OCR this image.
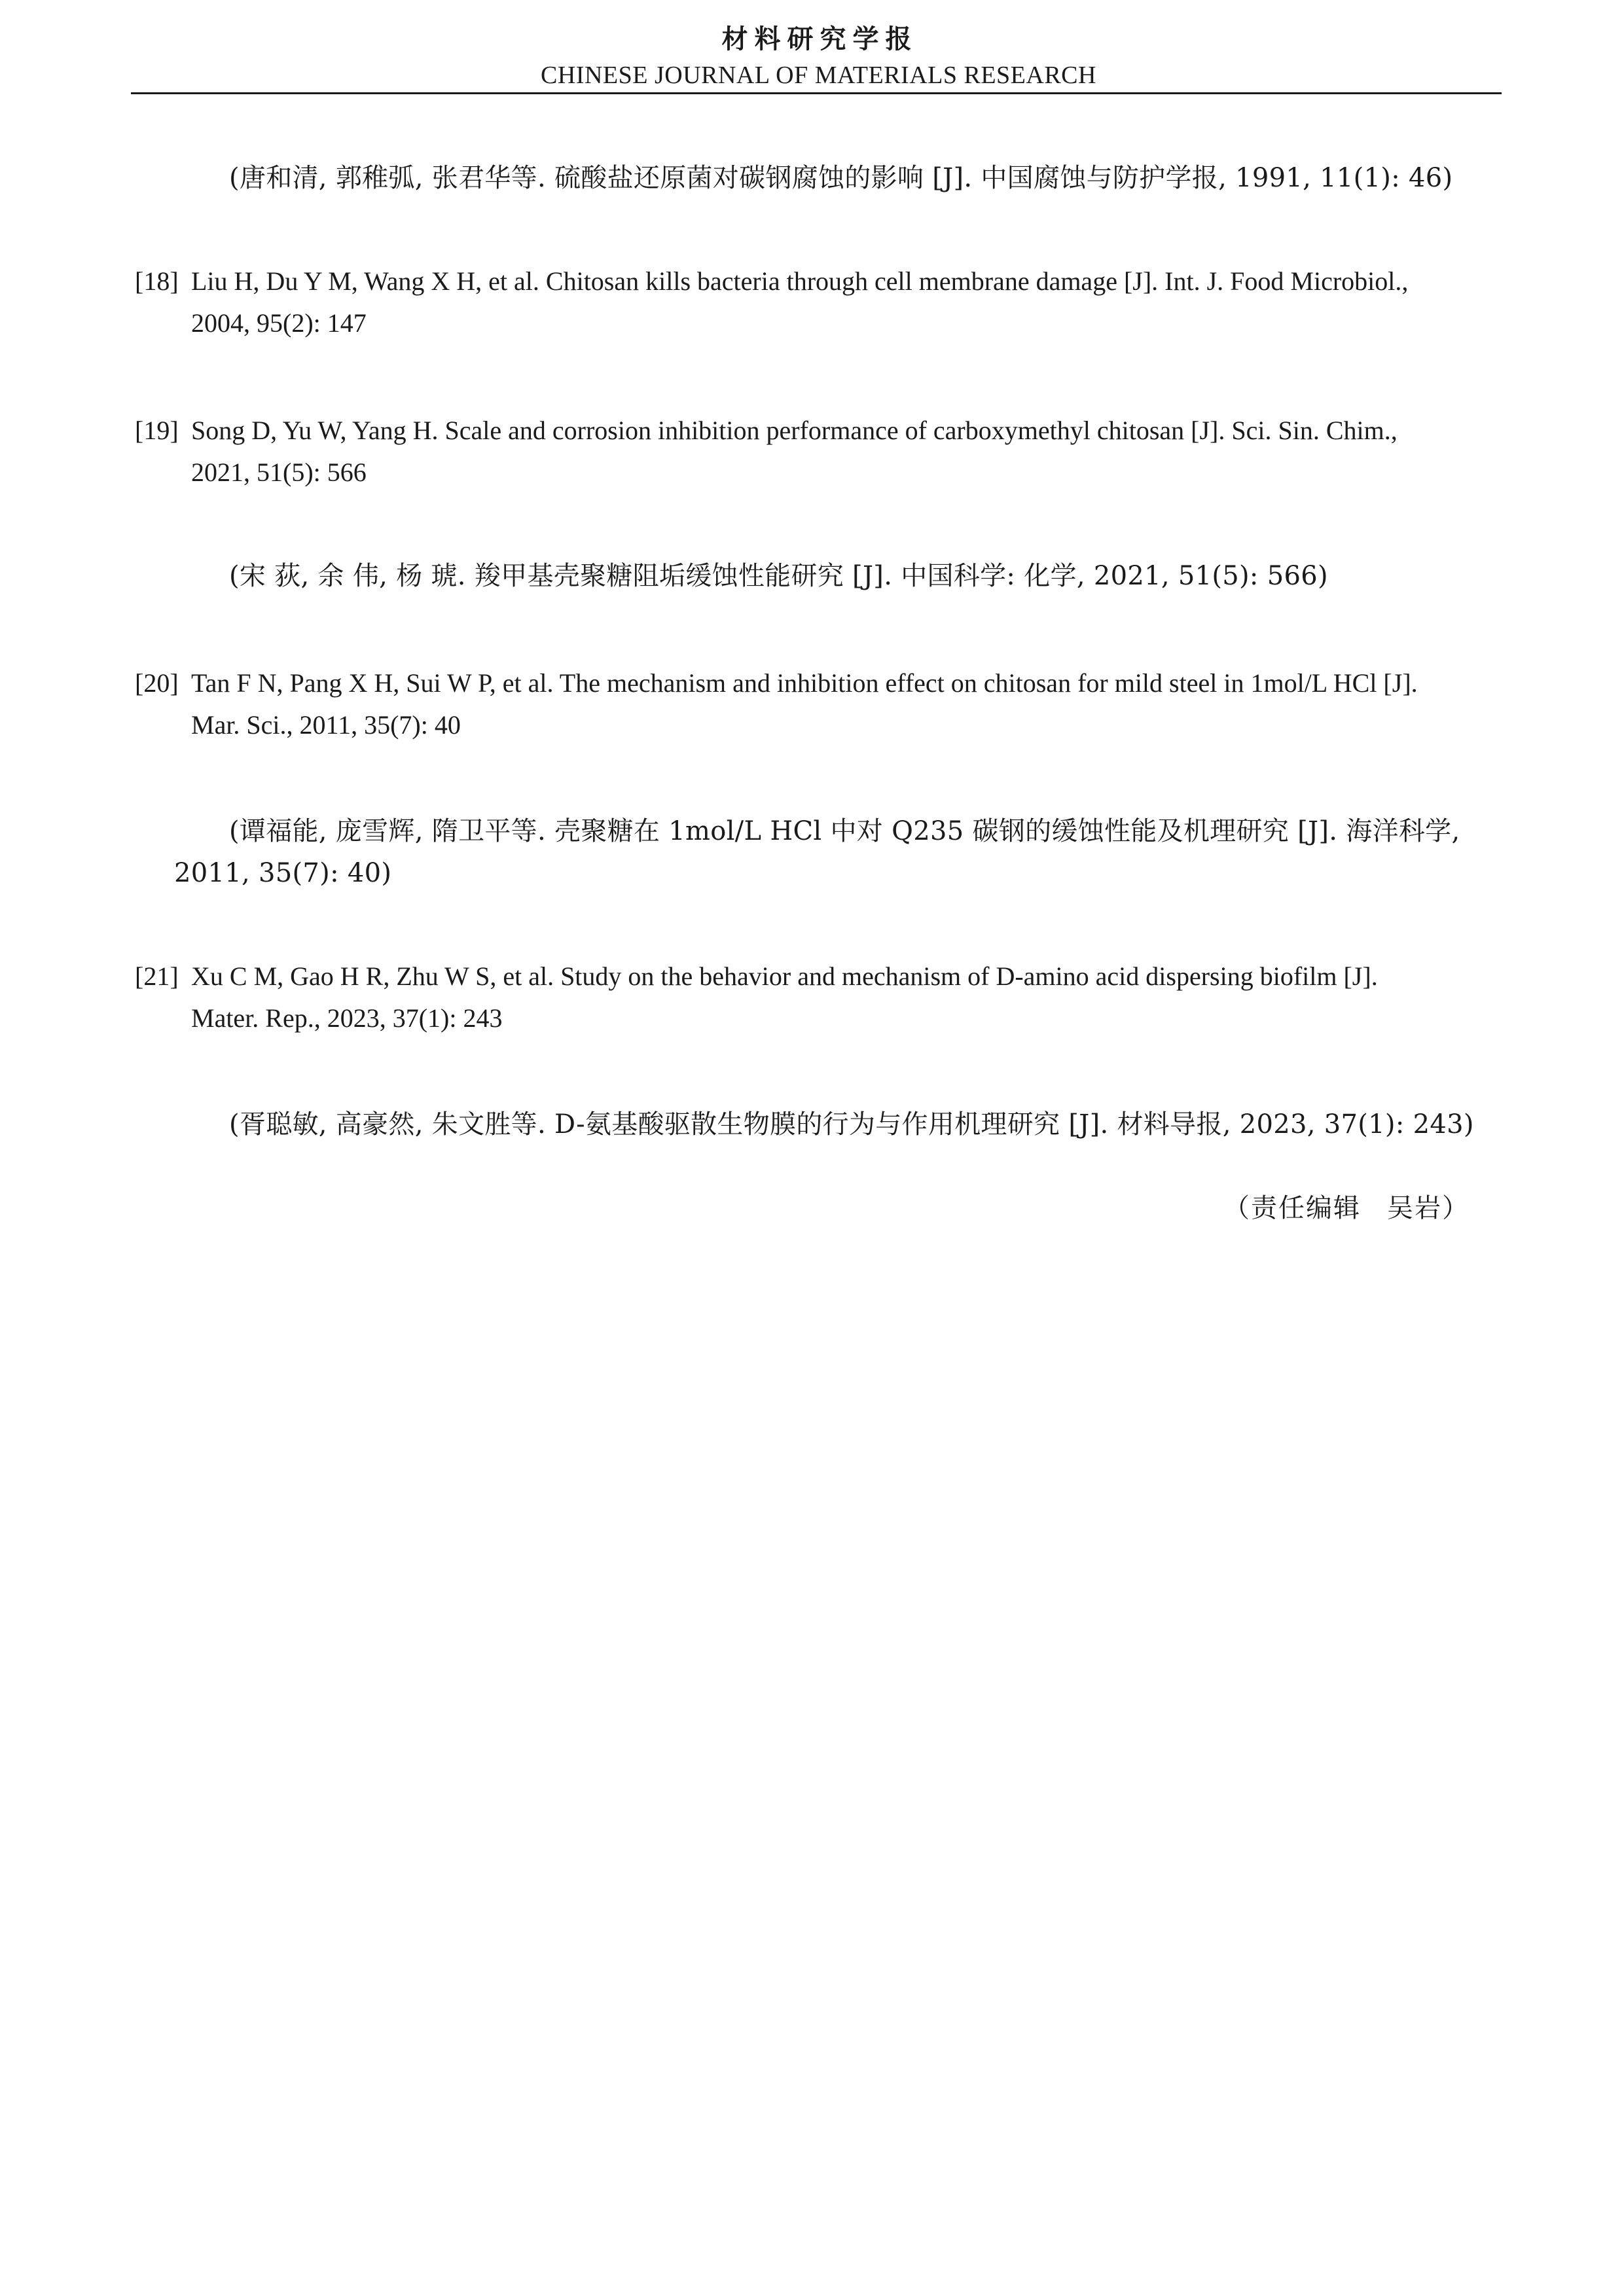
材料研究学报
CHINESE JOURNAL OF MATERIALS RESEARCH
(唐和清, 郭稚弧, 张君华等. 硫酸盐还原菌对碳钢腐蚀的影响 [J]. 中国腐蚀与防护学报, 1991, 11(1): 46)
[18] Liu H, Du Y M, Wang X H, et al. Chitosan kills bacteria through cell membrane damage [J]. Int. J. Food Microbiol.,
2004, 95(2): 147
[19] Song D, Yu W, Yang H. Scale and corrosion inhibition performance of carboxymethyl chitosan [J]. Sci. Sin. Chim.,
2021, 51(5): 566
(宋 荻, 余 伟, 杨 琥. 羧甲基壳聚糖阻垢缓蚀性能研究 [J]. 中国科学: 化学, 2021, 51(5): 566)
[20] Tan F N, Pang X H, Sui W P, et al. The mechanism and inhibition effect on chitosan for mild steel in 1mol/L HCl [J].
Mar. Sci., 2011, 35(7): 40
(谭福能, 庞雪辉, 隋卫平等. 壳聚糖在 1mol/L HCl 中对 Q235 碳钢的缓蚀性能及机理研究 [J]. 海洋科学,
2011, 35(7): 40)
[21] Xu C M, Gao H R, Zhu W S, et al. Study on the behavior and mechanism of D-amino acid dispersing biofilm [J].
Mater. Rep., 2023, 37(1): 243
(胥聪敏, 高豪然, 朱文胜等. D-氨基酸驱散生物膜的行为与作用机理研究 [J]. 材料导报, 2023, 37(1): 243)
（责任编辑 吴岩）
